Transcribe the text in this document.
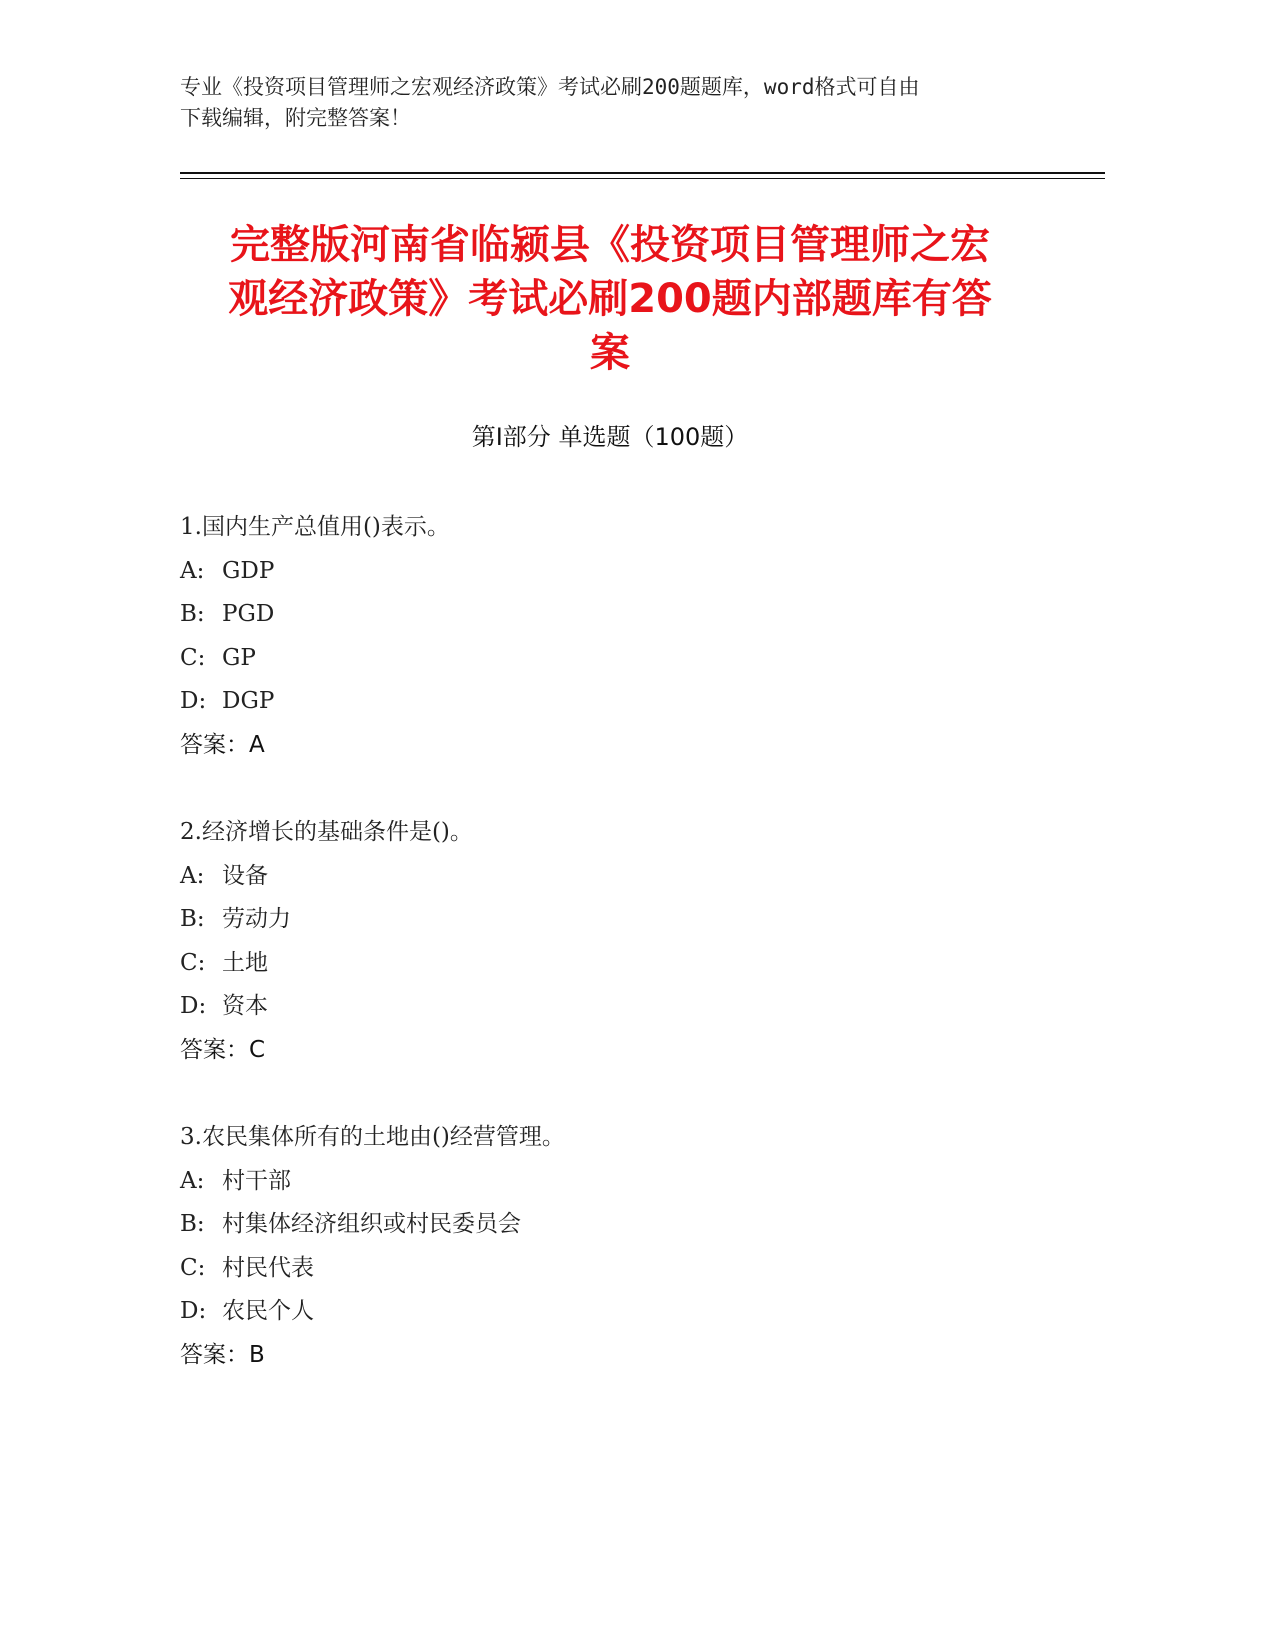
专业《投资项目管理师之宏观经济政策》考试必刷200题题库，word格式可自由
下载编辑，附完整答案！
完整版河南省临颍县《投资项目管理师之宏
观经济政策》考试必刷200题内部题库有答
案
第Ⅰ部分 单选题（100题）
1.国内生产总值用()表示。
A: GDP
B: PGD
C: GP
D: DGP
答案：A
2.经济增长的基础条件是()。
A: 设备
B: 劳动力
C: 土地
D: 资本
答案：C
3.农民集体所有的土地由()经营管理。
A: 村干部
B: 村集体经济组织或村民委员会
C: 村民代表
D: 农民个人
答案：B
